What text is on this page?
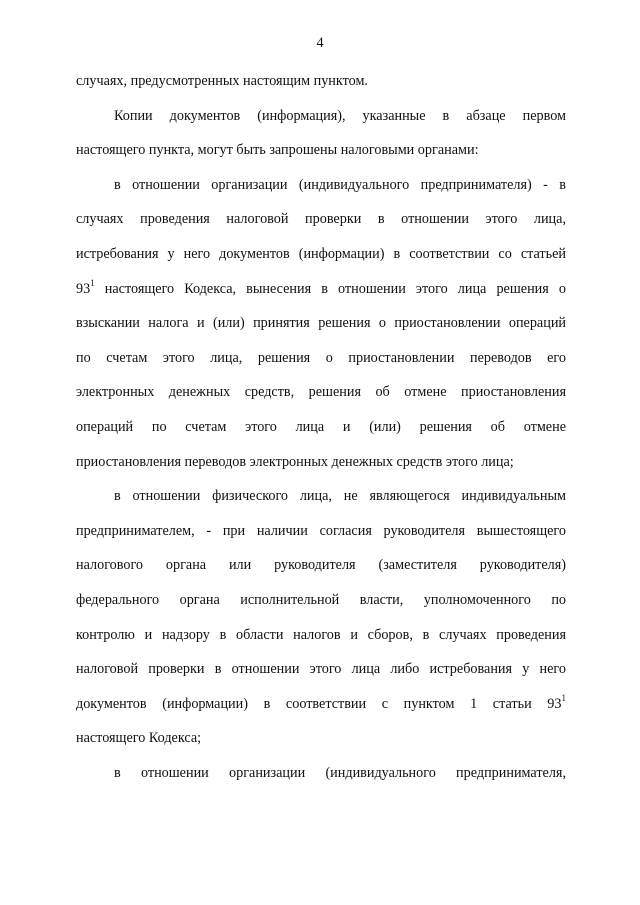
4
случаях, предусмотренных настоящим пунктом.
Копии документов (информация), указанные в абзаце первом
настоящего пункта, могут быть запрошены налоговыми органами:
в отношении организации (индивидуального предпринимателя) - в
случаях проведения налоговой проверки в отношении этого лица,
истребования у него документов (информации) в соответствии со статьей
$93^1$ настоящего Кодекса, вынесения в отношении этого лица решения о
взыскании налога и (или) принятия решения о приостановлении операций
по счетам этого лица, решения о приостановлении переводов его
электронных денежных средств, решения об отмене приостановления
операций по счетам этого лица и (или) решения об отмене
приостановления переводов электронных денежных средств этого лица;
в отношении физического лица, не являющегося индивидуальным
предпринимателем, - при наличии согласия руководителя вышестоящего
налогового органа или руководителя (заместителя руководителя)
федерального органа исполнительной власти, уполномоченного по
контролю и надзору в области налогов и сборов, в случаях проведения
налоговой проверки в отношении этого лица либо истребования у него
документов (информации) в соответствии с пунктом 1 статьи $93^1$
настоящего Кодекса;
в отношении организации (индивидуального предпринимателя,
